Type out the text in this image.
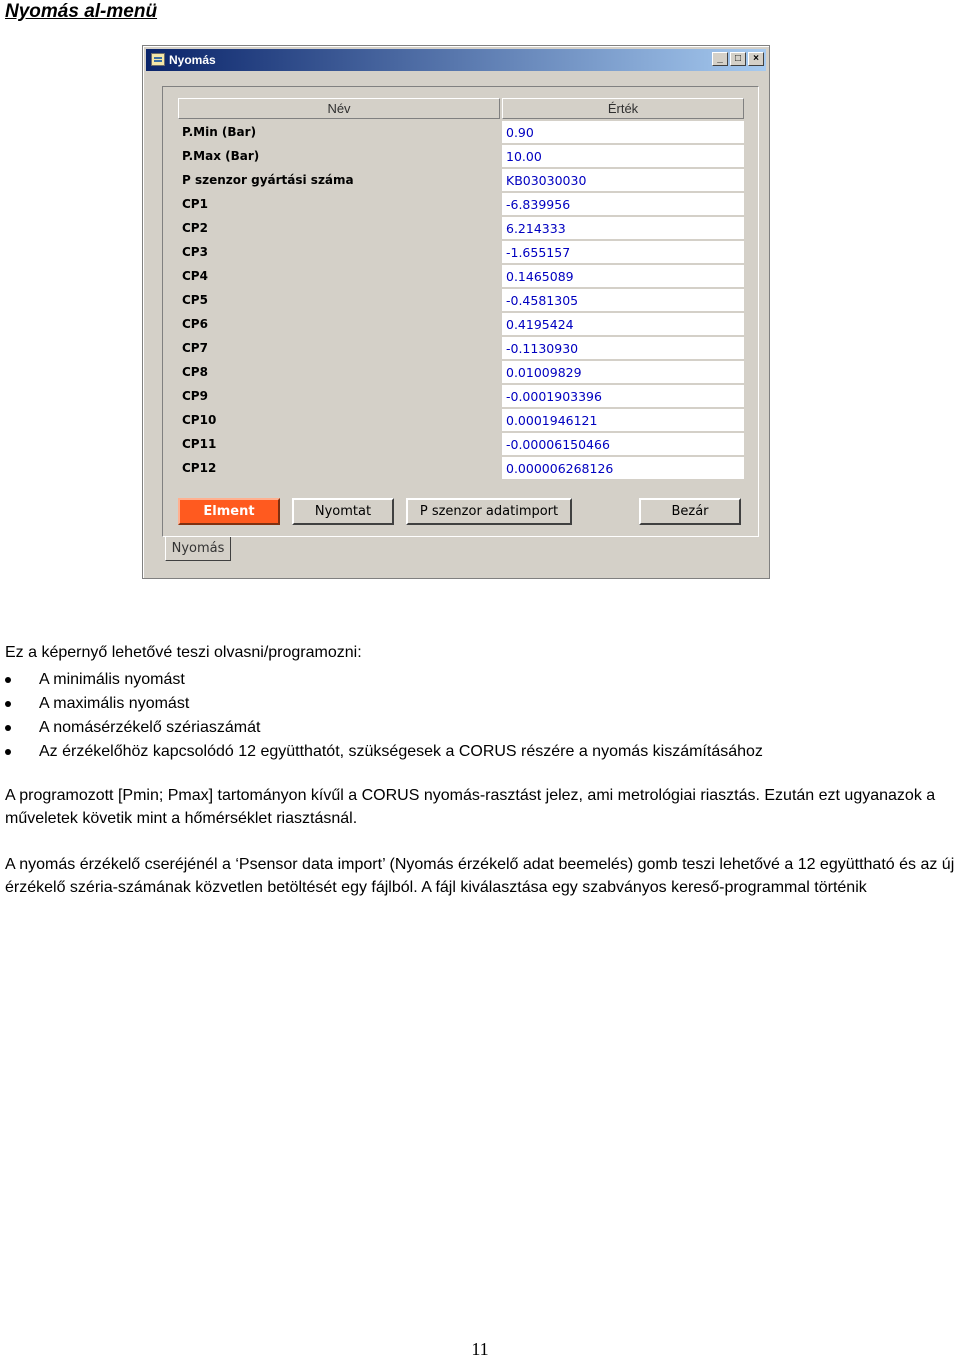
Nyomás al-menü
Nyomás	_	□	×
Név	Érték
P.Min (Bar)	0.90
P.Max (Bar)	10.00
P szenzor gyártási száma	KB03030030
CP1	-6.839956
CP2	6.214333
CP3	-1.655157
CP4	0.1465089
CP5	-0.4581305
CP6	0.4195424
CP7	-0.1130930
CP8	0.01009829
CP9	-0.0001903396
CP10	0.0001946121
CP11	-0.00006150466
CP12	0.000006268126
Elment	Nyomtat	P szenzor adatimport	Bezár
Nyomás
Ez a képernyő lehetővé teszi olvasni/programozni:
A minimális nyomást
A maximális nyomást
A nomásérzékelő szériaszámát
Az érzékelőhöz kapcsolódó 12 együtthatót, szükségesek a CORUS részére a nyomás kiszámításához

A programozott [Pmin; Pmax] tartományon kívűl a CORUS nyomás-rasztást jelez, ami metrológiai riasztás. Ezután ezt ugyanazok a műveletek követik mint a hőmérséklet riasztásnál.

A nyomás érzékelő cseréjénél a ‘Psensor data import’ (Nyomás érzékelő adat beemelés) gomb teszi lehetővé a 12 együttható és az új érzékelő széria-számának közvetlen betöltését egy fájlból. A fájl kiválasztása egy szabványos kereső-programmal történik

11
